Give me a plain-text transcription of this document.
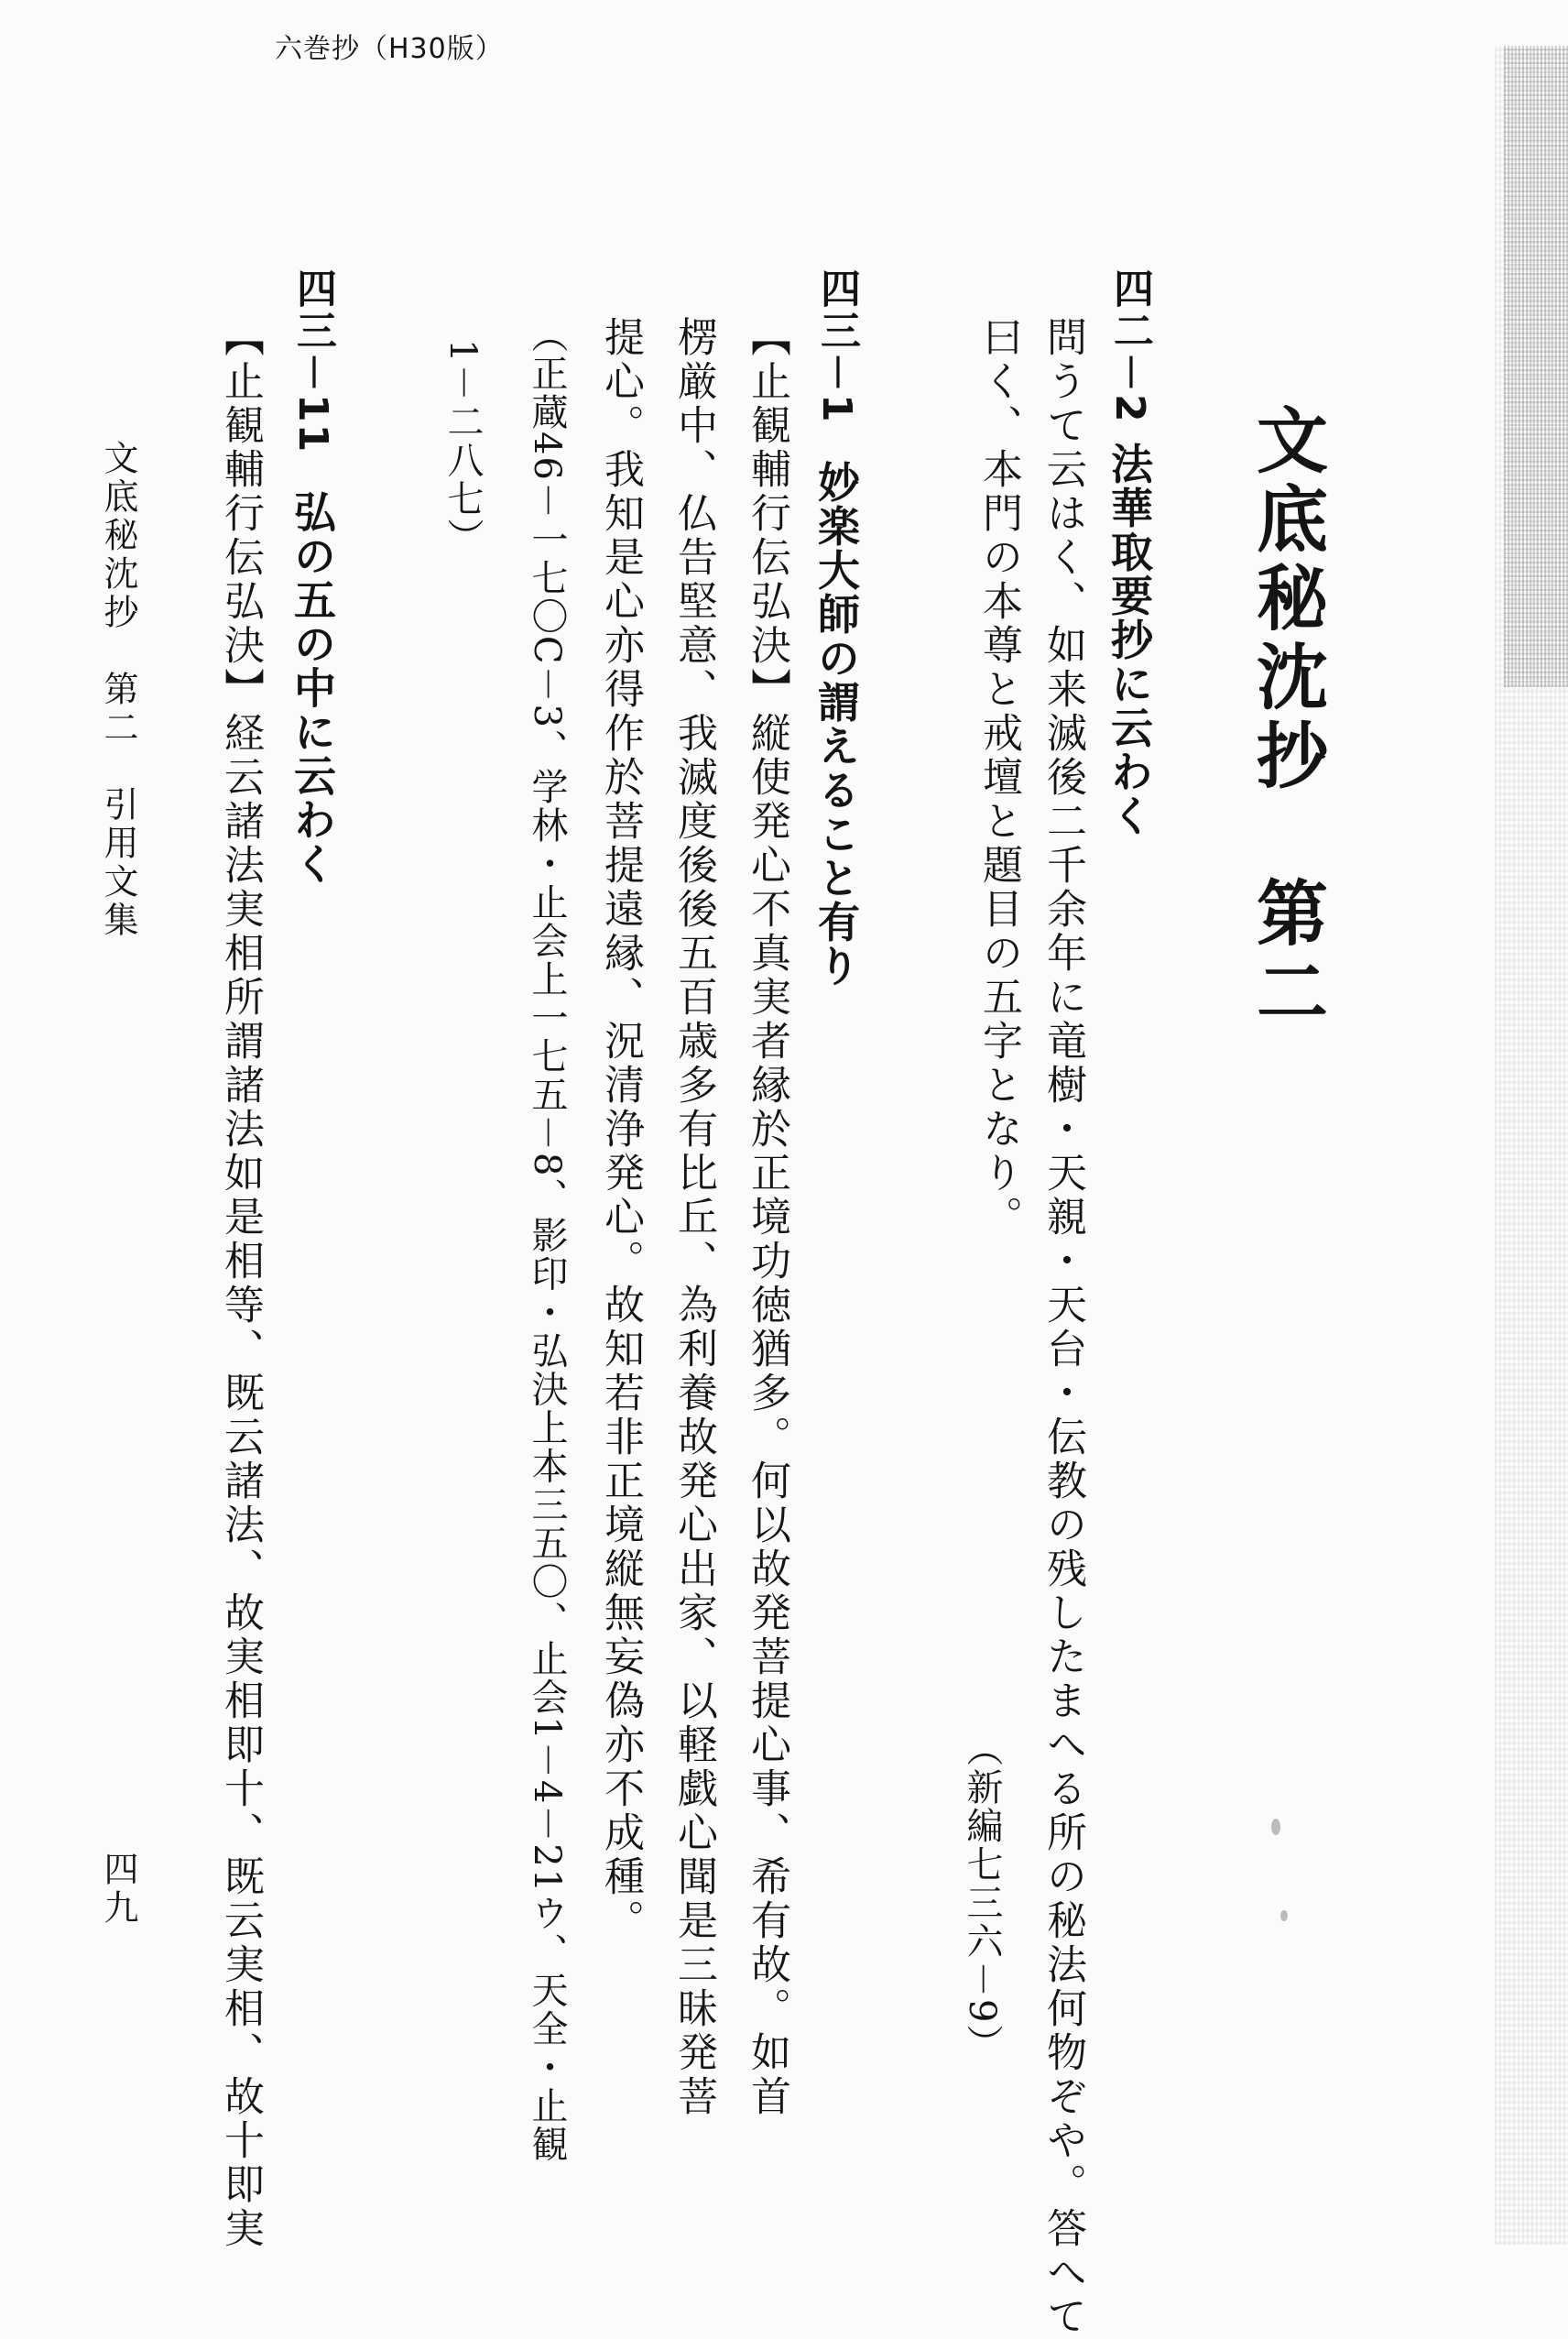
六巻抄（H30版）
文底秘沈抄　第二
四二－2法華取要抄に云わく
問うて云はく、如来滅後二千余年に竜樹・天親・天台・伝教の残したまへる所の秘法何物ぞや。答へて
曰く、本門の本尊と戒壇と題目の五字となり。
（新編七三六－9）
四三－1妙楽大師の謂えること有り
【止観輔行伝弘決】縦使発心不真実者縁於正境功徳猶多。何以故発菩提心事、希有故。如首
楞厳中、仏告堅意、我滅度後後五百歳多有比丘、為利養故発心出家、以軽戯心聞是三昧発菩
提心。我知是心亦得作於菩提遠縁、況清浄発心。故知若非正境縦無妄偽亦不成種。
（正蔵46－一七〇C－3、学林・止会上一七五－8、影印・弘決上本三五〇、止会1－4－21ウ、天全・止観
1－二八七）
四三－11弘の五の中に云わく
【止観輔行伝弘決】経云諸法実相所謂諸法如是相等、既云諸法、故実相即十、既云実相、故十即実
文底秘沈抄　第二　引用文集
四九
